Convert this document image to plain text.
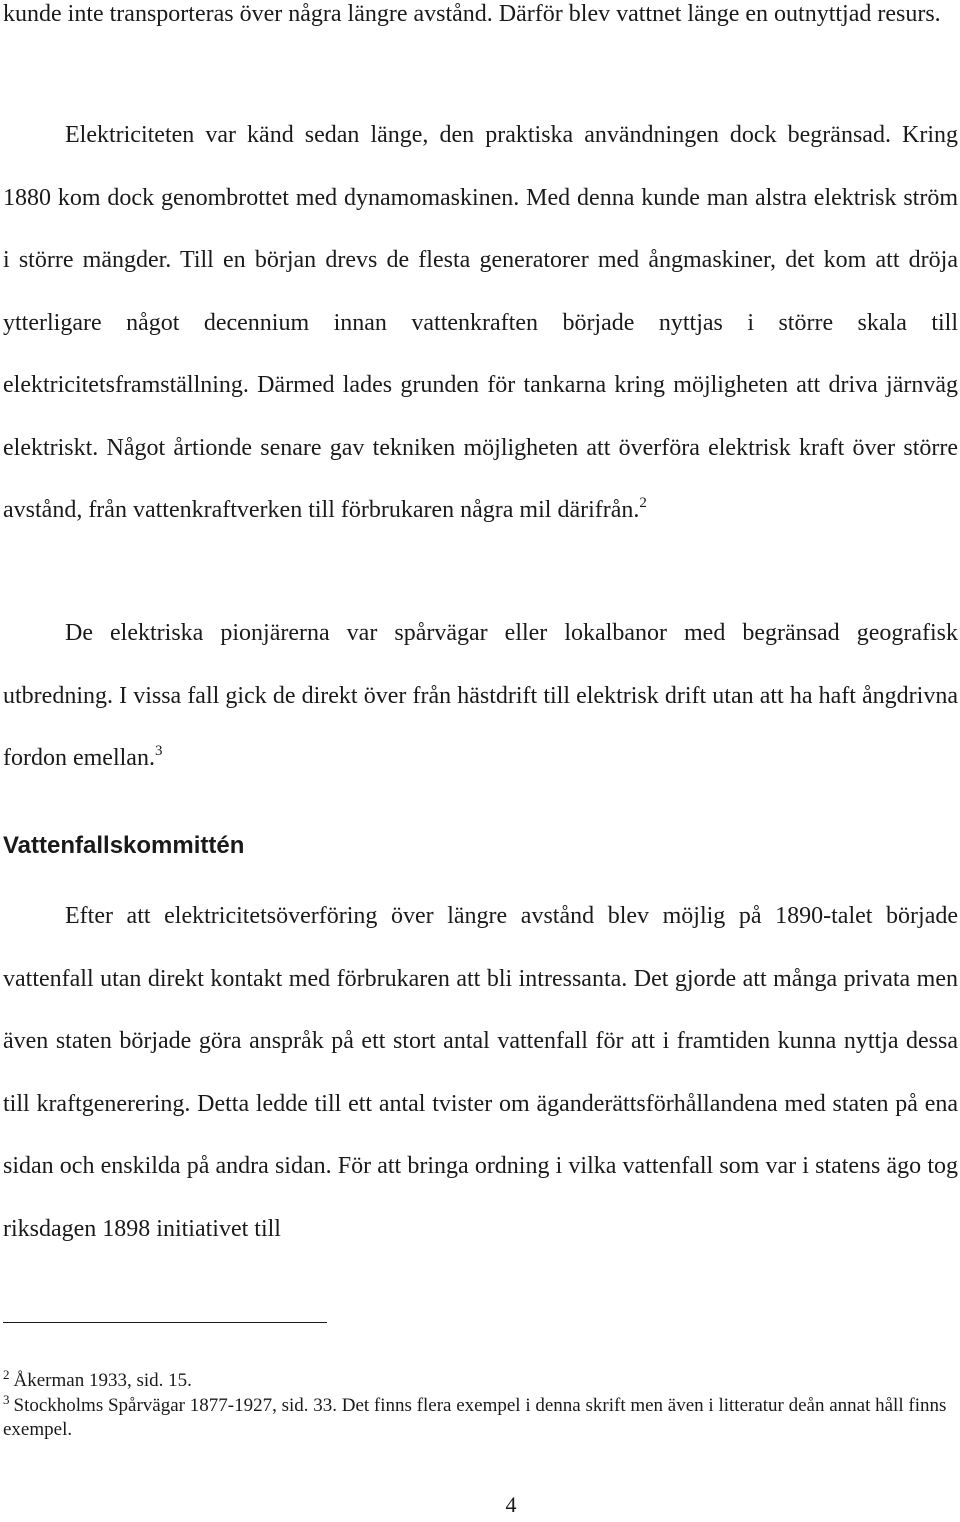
kunde inte transporteras över några längre avstånd. Därför blev vattnet länge en outnyttjad resurs.

Elektriciteten var känd sedan länge, den praktiska användningen dock begränsad. Kring 1880 kom dock genombrottet med dynamomaskinen. Med denna kunde man alstra elektrisk ström i större mängder. Till en början drevs de flesta generatorer med ångmaskiner, det kom att dröja ytterligare något decennium innan vattenkraften började nyttjas i större skala till elektricitetsframställning. Därmed lades grunden för tankarna kring möjligheten att driva järnväg elektriskt. Något årtionde senare gav tekniken möjligheten att överföra elektrisk kraft över större avstånd, från vattenkraftverken till förbrukaren några mil därifrån.$^2$

De elektriska pionjärerna var spårvägar eller lokalbanor med begränsad geografisk utbredning. I vissa fall gick de direkt över från hästdrift till elektrisk drift utan att ha haft ångdrivna fordon emellan.$^3$

Vattenfallskommittén

Efter att elektricitetsöverföring över längre avstånd blev möjlig på 1890-talet började vattenfall utan direkt kontakt med förbrukaren att bli intressanta. Det gjorde att många privata men även staten började göra anspråk på ett stort antal vattenfall för att i framtiden kunna nyttja dessa till kraftgenerering. Detta ledde till ett antal tvister om äganderättsförhållandena med staten på ena sidan och enskilda på andra sidan. För att bringa ordning i vilka vattenfall som var i statens ägo tog riksdagen 1898 initiativet till

$^2$ Åkerman 1933, sid. 15.

$^3$ Stockholms Spårvägar 1877-1927, sid. 33. Det finns flera exempel i denna skrift men även i litteratur deån annat håll finns exempel.

4
